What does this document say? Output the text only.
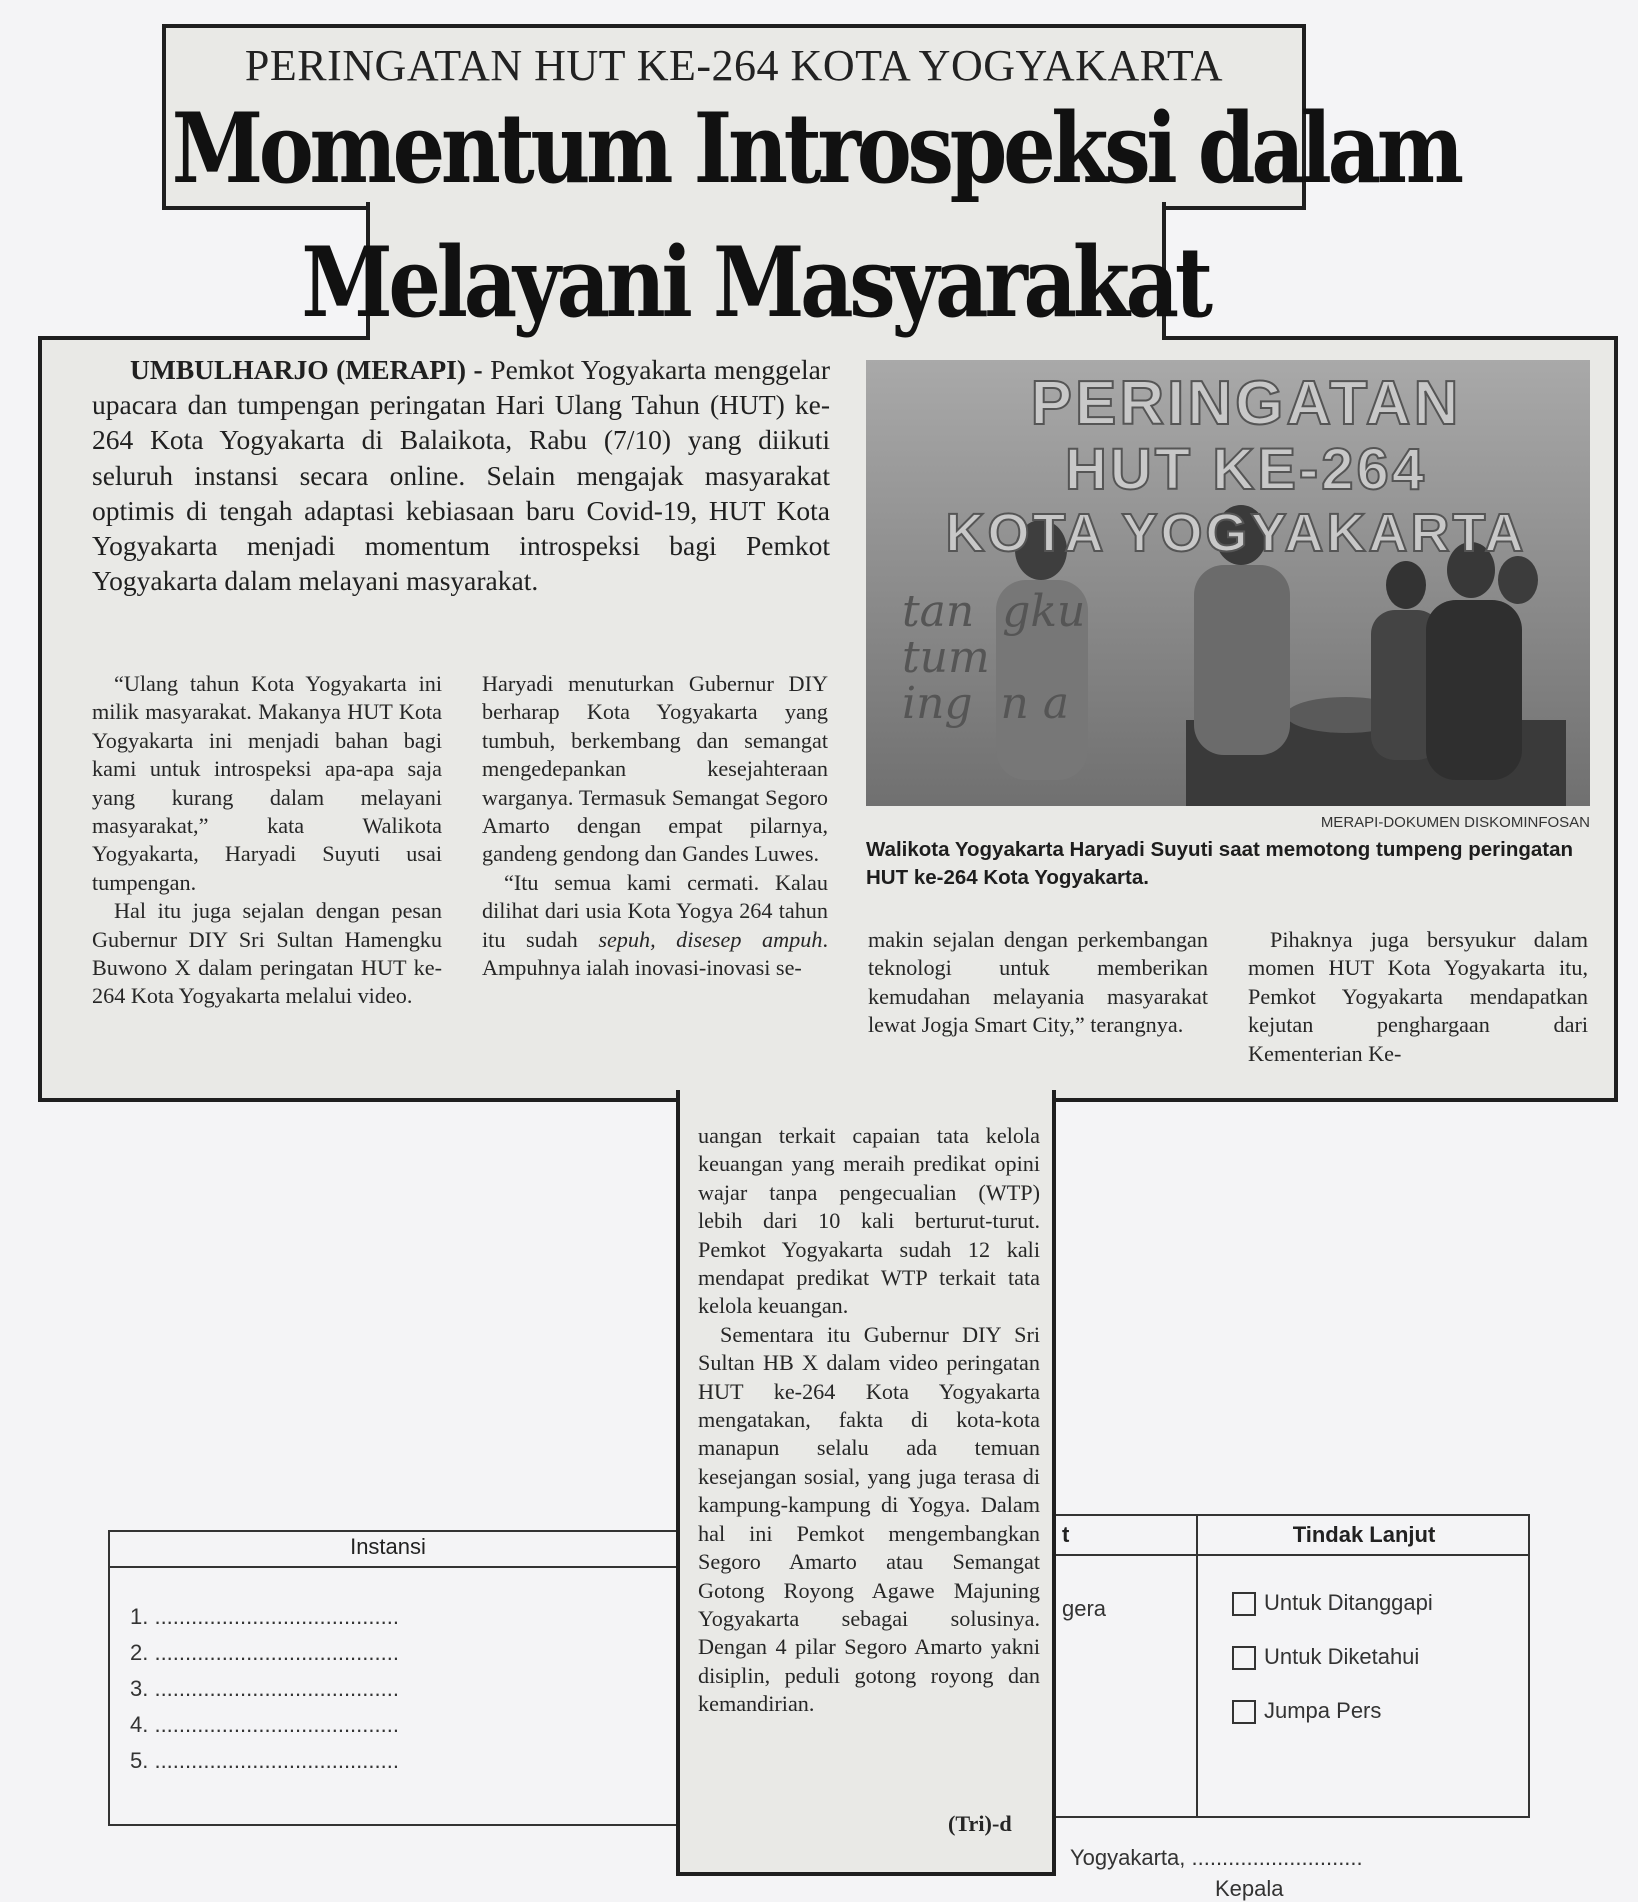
Instansi
1. ........................................
2. ........................................
3. ........................................
4. ........................................
5. ........................................
t
gera
Tindak Lanjut
Untuk Ditanggapi
Untuk Diketahui
Jumpa Pers
Yogyakarta, ............................
Kepala
PERINGATAN HUT KE-264 KOTA YOGYAKARTA
Momentum Introspeksi dalam
Melayani Masyarakat
UMBULHARJO (MERAPI) - Pemkot Yogyakarta menggelar upacara dan tumpengan peringatan Hari Ulang Tahun (HUT) ke-264 Kota Yogyakarta di Balaikota, Rabu (7/10) yang diikuti seluruh instansi secara online. Selain mengajak masyarakat optimis di tengah adaptasi kebiasaan baru Covid-19, HUT Kota Yogyakarta menjadi momentum introspeksi bagi Pemkot Yogyakarta dalam melayani masyarakat.

“Ulang tahun Kota Yogyakarta ini milik masyarakat. Makanya HUT Kota Yogyakarta ini menjadi bahan bagi kami untuk introspeksi apa-apa saja yang kurang dalam melayani masyarakat,” kata Walikota Yogyakarta, Haryadi Suyuti usai tumpengan.

Hal itu juga sejalan dengan pesan Gubernur DIY Sri Sultan Hamengku Buwono X dalam peringatan HUT ke-264 Kota Yogyakarta melalui video.

Haryadi menuturkan Gubernur DIY berharap Kota Yogyakarta yang tumbuh, berkembang dan semangat mengedepankan kesejahteraan warganya. Termasuk Semangat Segoro Amarto dengan empat pilarnya, gandeng gendong dan Gandes Luwes.

“Itu semua kami cermati. Kalau dilihat dari usia Kota Yogya 264 tahun itu sudah sepuh, disesep ampuh. Ampuhnya ialah inovasi-inovasi se-

makin sejalan dengan perkembangan teknologi untuk memberikan kemudahan melayania masyarakat lewat Jogja Smart City,” terangnya.

Pihaknya juga bersyukur dalam momen HUT Kota Yogyakarta itu, Pemkot Yogyakarta mendapatkan kejutan penghargaan dari Kementerian Ke-

PERINGATAN
HUT KE-264
KOTA YOGYAKARTA
tan  gku
tum
ing  n a
MERAPI-DOKUMEN DISKOMINFOSAN
Walikota Yogyakarta Haryadi Suyuti saat memotong tumpeng peringatan HUT ke-264 Kota Yogyakarta.

uangan terkait capaian tata kelola keuangan yang meraih predikat opini wajar tanpa pengecualian (WTP) lebih dari 10 kali berturut-turut. Pemkot Yogyakarta sudah 12 kali mendapat predikat WTP terkait tata kelola keuangan.

Sementara itu Gubernur DIY Sri Sultan HB X dalam video peringatan HUT ke-264 Kota Yogyakarta mengatakan, fakta di kota-kota manapun selalu ada temuan kesejangan sosial, yang juga terasa di kampung-kampung di Yogya. Dalam hal ini Pemkot mengembangkan Segoro Amarto atau Semangat Gotong Royong Agawe Majuning Yogyakarta sebagai solusinya. Dengan 4 pilar Segoro Amarto yakni disiplin, peduli gotong royong dan kemandirian.

(Tri)-d
